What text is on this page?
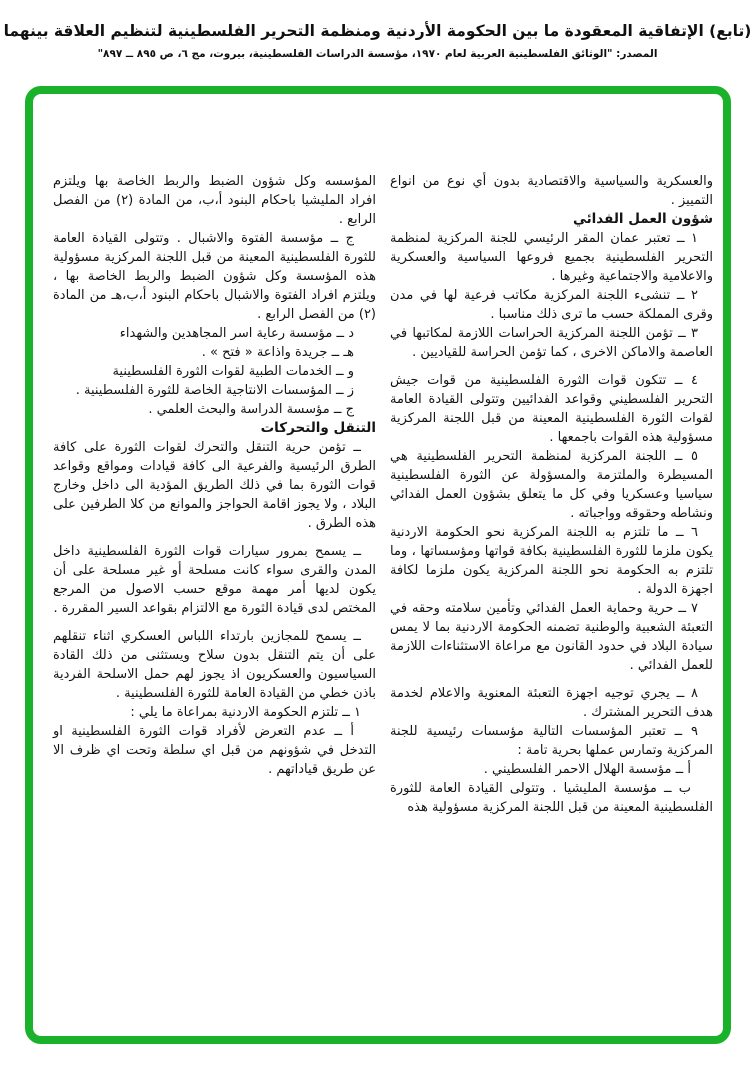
(تابع) الإتفاقية المعقودة ما بين الحكومة الأردنية ومنظمة التحرير الفلسطينية لتنظيم العلاقة بينهما
المصدر: "الوثائق الفلسطينية العربية لعام ١٩٧٠، مؤسسة الدراسات الفلسطينية، بيروت، مج ٦، ص ٨٩٥ ــ ٨٩٧"

والعسكرية والسياسية والاقتصادية بدون أي نوع من انواع التمييز .

شؤون العمل الفدائي

١ ــ تعتبر عمان المقر الرئيسي للجنة المركزية لمنظمة التحرير الفلسطينية بجميع فروعها السياسية والعسكرية والاعلامية والاجتماعية وغيرها .

٢ ــ تنشىء اللجنة المركزية مكاتب فرعية لها في مدن وقرى المملكة حسب ما ترى ذلك مناسبا .

٣ ــ تؤمن اللجنة المركزية الحراسات اللازمة لمكاتبها في العاصمة والاماكن الاخرى ، كما تؤمن الحراسة للقياديين .

٤ ــ تتكون قوات الثورة الفلسطينية من قوات جيش التحرير الفلسطيني وقواعد الفدائيين وتتولى القيادة العامة لقوات الثورة الفلسطينية المعينة من قبل اللجنة المركزية مسؤولية هذه القوات باجمعها .

٥ ــ اللجنة المركزية لمنظمة التحرير الفلسطينية هي المسيطرة والملتزمة والمسؤولة عن الثورة الفلسطينية سياسيا وعسكريا وفي كل ما يتعلق بشؤون العمل الفدائي ونشاطه وحقوقه وواجباته .

٦ ــ ما تلتزم به اللجنة المركزية نحو الحكومة الاردنية يكون ملزما للثورة الفلسطينية بكافة قواتها ومؤسساتها ، وما تلتزم به الحكومة نحو اللجنة المركزية يكون ملزما لكافة اجهزة الدولة .

٧ ــ حرية وحماية العمل الفدائي وتأمين سلامته وحقه في التعبئة الشعبية والوطنية تضمنه الحكومة الاردنية بما لا يمس سيادة البلاد في حدود القانون مع مراعاة الاستثناءات اللازمة للعمل الفدائي .

٨ ــ يجري توجيه اجهزة التعبئة المعنوية والاعلام لخدمة هدف التحرير المشترك .

٩ ــ تعتبر المؤسسات التالية مؤسسات رئيسية للجنة المركزية وتمارس عملها بحرية تامة :

أ ــ مؤسسة الهلال الاحمر الفلسطيني .

ب ــ مؤسسة المليشيا . وتتولى القيادة العامة للثورة الفلسطينية المعينة من قبل اللجنة المركزية مسؤولية هذه

المؤسسه وكل شؤون الضبط والربط الخاصة بها ويلتزم افراد المليشيا باحكام البنود أ،ب، من المادة (٢) من الفصل الرابع .

ج ــ مؤسسة الفتوة والاشبال . وتتولى القيادة العامة للثورة الفلسطينية المعينة من قبل اللجنة المركزية مسؤولية هذه المؤسسة وكل شؤون الضبط والربط الخاصة بها ، ويلتزم افراد الفتوة والاشبال باحكام البنود أ،ب،هـ من المادة (٢) من الفصل الرابع .

د ــ مؤسسة رعاية اسر المجاهدين والشهداء

هـ ــ جريدة واذاعة « فتح » .

و ــ الخدمات الطبية لقوات الثورة الفلسطينية

ز ــ المؤسسات الانتاجية الخاصة للثورة الفلسطينية .

ج ــ مؤسسة الدراسة والبحث العلمي .

التنقل والتحركات

ــ تؤمن حرية التنقل والتحرك لقوات الثورة على كافة الطرق الرئيسية والفرعية الى كافة قيادات ومواقع وقواعد قوات الثورة بما في ذلك الطريق المؤدية الى داخل وخارج البلاد ، ولا يجوز اقامة الحواجز والموانع من كلا الطرفين على هذه الطرق .

ــ يسمح بمرور سيارات قوات الثورة الفلسطينية داخل المدن والقرى سواء كانت مسلحة أو غير مسلحة على أن يكون لديها أمر مهمة موقع حسب الاصول من المرجع المختص لدى قيادة الثورة مع الالتزام بقواعد السير المقررة .

ــ يسمح للمجازين بارتداء اللباس العسكري اثناء تنقلهم على أن يتم التنقل بدون سلاح ويستثنى من ذلك القادة السياسيون والعسكريون اذ يجوز لهم حمل الاسلحة الفردية باذن خطي من القيادة العامة للثورة الفلسطينية .

١ ــ تلتزم الحكومة الاردنية بمراعاة ما يلي :

أ ــ عدم التعرض لأفراد قوات الثورة الفلسطينية او التدخل في شؤونهم من قبل اي سلطة وتحت اي ظرف الا عن طريق قياداتهم .
